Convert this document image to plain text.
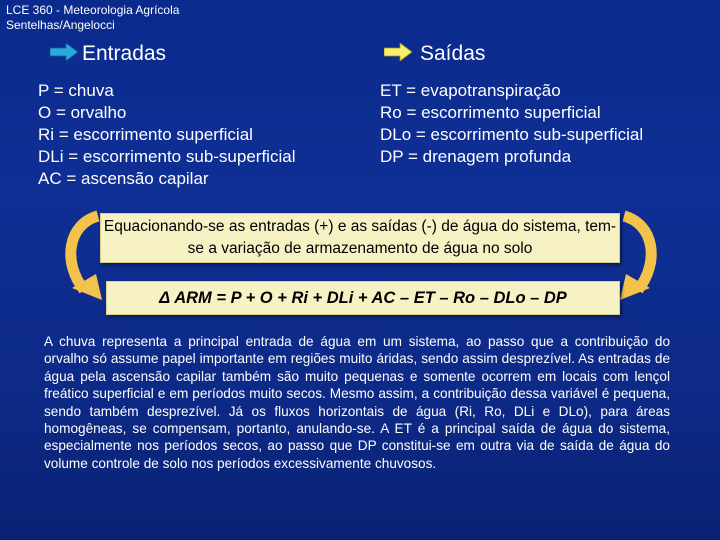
LCE 360 - Meteorologia Agrícola
Sentelhas/Angelocci
Entradas
P = chuva
O = orvalho
Ri = escorrimento superficial
DLi = escorrimento sub-superficial
AC = ascensão capilar
Saídas
ET = evapotranspiração
Ro = escorrimento superficial
DLo = escorrimento sub-superficial
DP = drenagem profunda
Equacionando-se as entradas (+) e as saídas (-) de água do sistema, tem-se a variação de armazenamento de água no solo
Δ ARM = P + O + Ri + DLi + AC – ET – Ro – DLo – DP
A chuva representa a principal entrada de água em um sistema, ao passo que a contribuição do orvalho só assume papel importante em regiões muito áridas, sendo assim desprezível. As entradas de água pela ascensão capilar também são muito pequenas e somente ocorrem em locais com lençol freático superficial e em períodos muito secos. Mesmo assim, a contribuição dessa variável é pequena, sendo também desprezível. Já os fluxos horizontais de água (Ri, Ro, DLi e DLo), para áreas homogêneas, se compensam, portanto, anulando-se. A ET é a principal saída de água do sistema, especialmente nos períodos secos, ao passo que DP constitui-se em outra via de saída de água do volume controle de solo nos períodos excessivamente chuvosos.
